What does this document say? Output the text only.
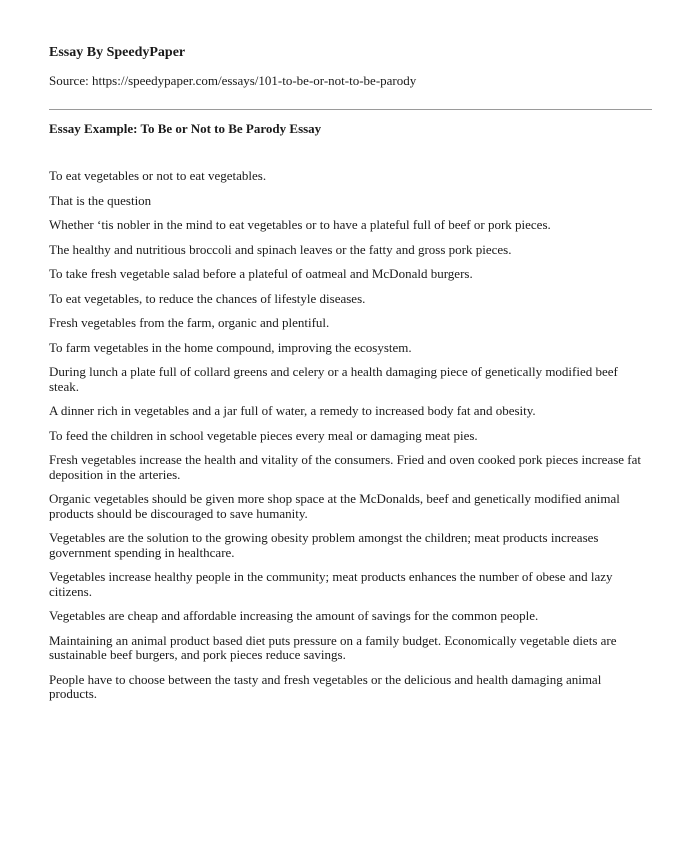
Essay By SpeedyPaper
Source: https://speedypaper.com/essays/101-to-be-or-not-to-be-parody
Essay Example: To Be or Not to Be Parody Essay

To eat vegetables or not to eat vegetables.

That is the question

Whether ‘tis nobler in the mind to eat vegetables or to have a plateful full of beef or pork pieces.

The healthy and nutritious broccoli and spinach leaves or the fatty and gross pork pieces.

To take fresh vegetable salad before a plateful of oatmeal and McDonald burgers.

To eat vegetables, to reduce the chances of lifestyle diseases.

Fresh vegetables from the farm, organic and plentiful.

To farm vegetables in the home compound, improving the ecosystem.

During lunch a plate full of collard greens and celery or a health damaging piece of genetically modified beef steak.

A dinner rich in vegetables and a jar full of water, a remedy to increased body fat and obesity.

To feed the children in school vegetable pieces every meal or damaging meat pies.

Fresh vegetables increase the health and vitality of the consumers. Fried and oven cooked pork pieces increase fat deposition in the arteries.

Organic vegetables should be given more shop space at the McDonalds, beef and genetically modified animal products should be discouraged to save humanity.

Vegetables are the solution to the growing obesity problem amongst the children; meat products increases government spending in healthcare.

Vegetables increase healthy people in the community; meat products enhances the number of obese and lazy citizens.

Vegetables are cheap and affordable increasing the amount of savings for the common people.

Maintaining an animal product based diet puts pressure on a family budget. Economically vegetable diets are sustainable beef burgers, and pork pieces reduce savings.

People have to choose between the tasty and fresh vegetables or the delicious and health damaging animal products.
